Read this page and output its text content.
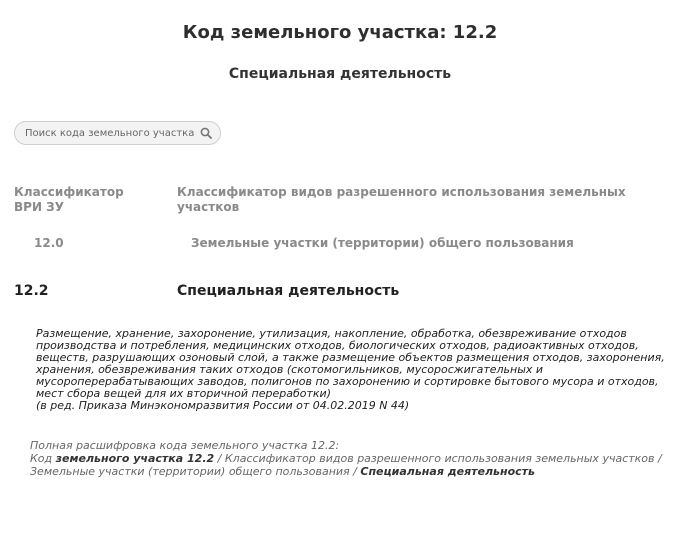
Код земельного участка: 12.2
Специальная деятельность
Поиск кода земельного участка
Классификатор ВРИ ЗУ
Классификатор видов разрешенного использования земельных участков
12.0	Земельные участки (территории) общего пользования
12.2	Специальная деятельность

Размещение, хранение, захоронение, утилизация, накопление, обработка, обезвреживание отходов производства и потребления, медицинских отходов, биологических отходов, радиоактивных отходов, веществ, разрушающих озоновый слой, а также размещение объектов размещения отходов, захоронения, хранения, обезвреживания таких отходов (скотомогильников, мусоросжигательных и мусороперерабатывающих заводов, полигонов по захоронению и сортировке бытового мусора и отходов, мест сбора вещей для их вторичной переработки)

(в ред. Приказа Минэкономразвития России от 04.02.2019 N 44)

Полная расшифровка кода земельного участка 12.2:
Код земельного участка 12.2 / Классификатор видов разрешенного использования земельных участков / Земельные участки (территории) общего пользования / Специальная деятельность
